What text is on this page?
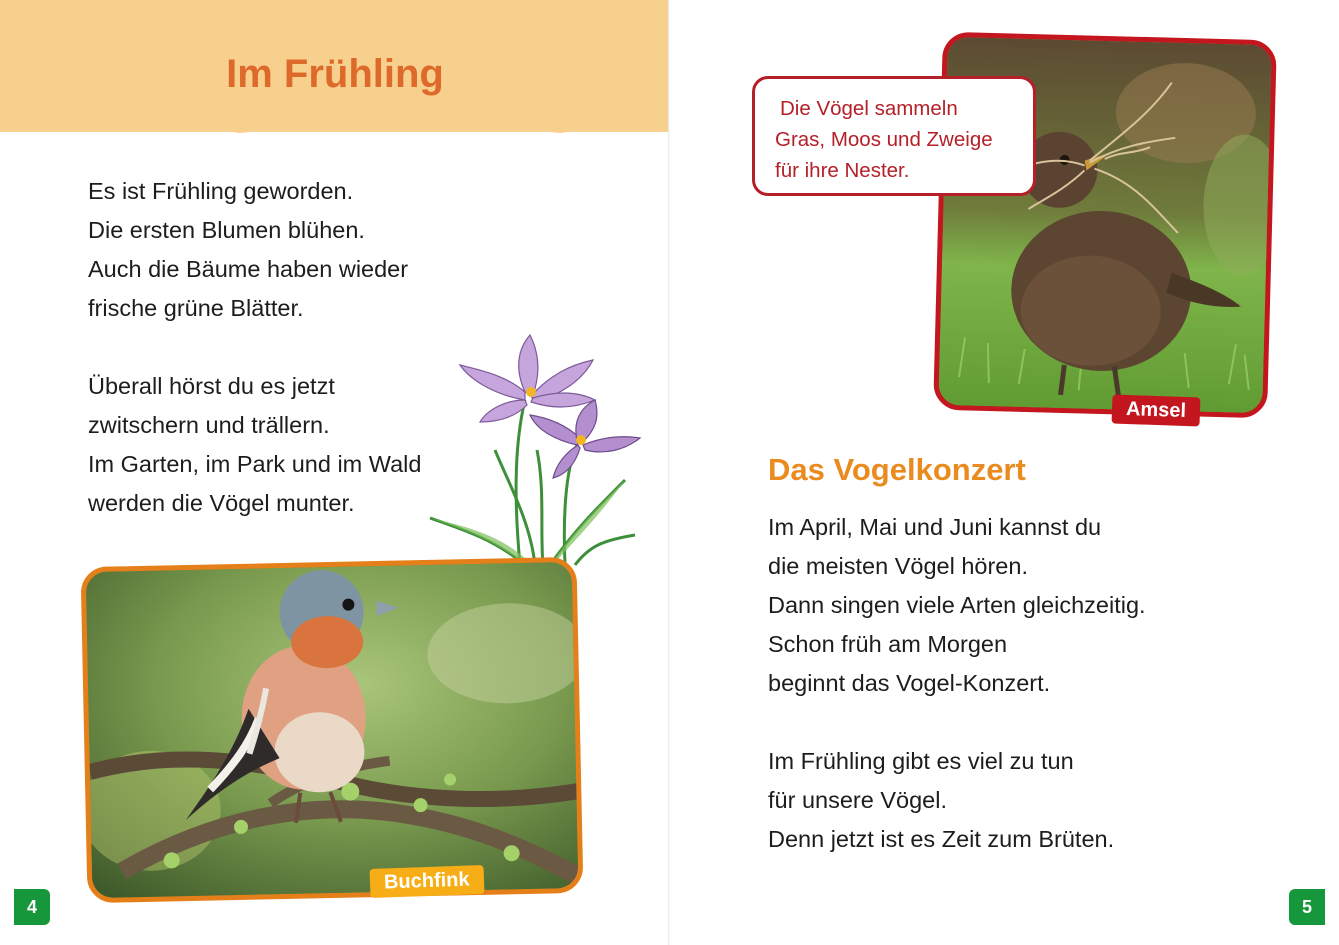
Im Frühling

Es ist Frühling geworden.

Die ersten Blumen blühen.

Auch die Bäume haben wieder

frische grüne Blätter.

Überall hörst du es jetzt

zwitschern und trällern.

Im Garten, im Park und im Wald

werden die Vögel munter.

Buchfink
4
Amsel

Die Vögel sammeln

Gras, Moos und Zweige

für ihre Nester.

Das Vogelkonzert

Im April, Mai und Juni kannst du

die meisten Vögel hören.

Dann singen viele Arten gleichzeitig.

Schon früh am Morgen

beginnt das Vogel-Konzert.

Im Frühling gibt es viel zu tun

für unsere Vögel.

Denn jetzt ist es Zeit zum Brüten.

5
